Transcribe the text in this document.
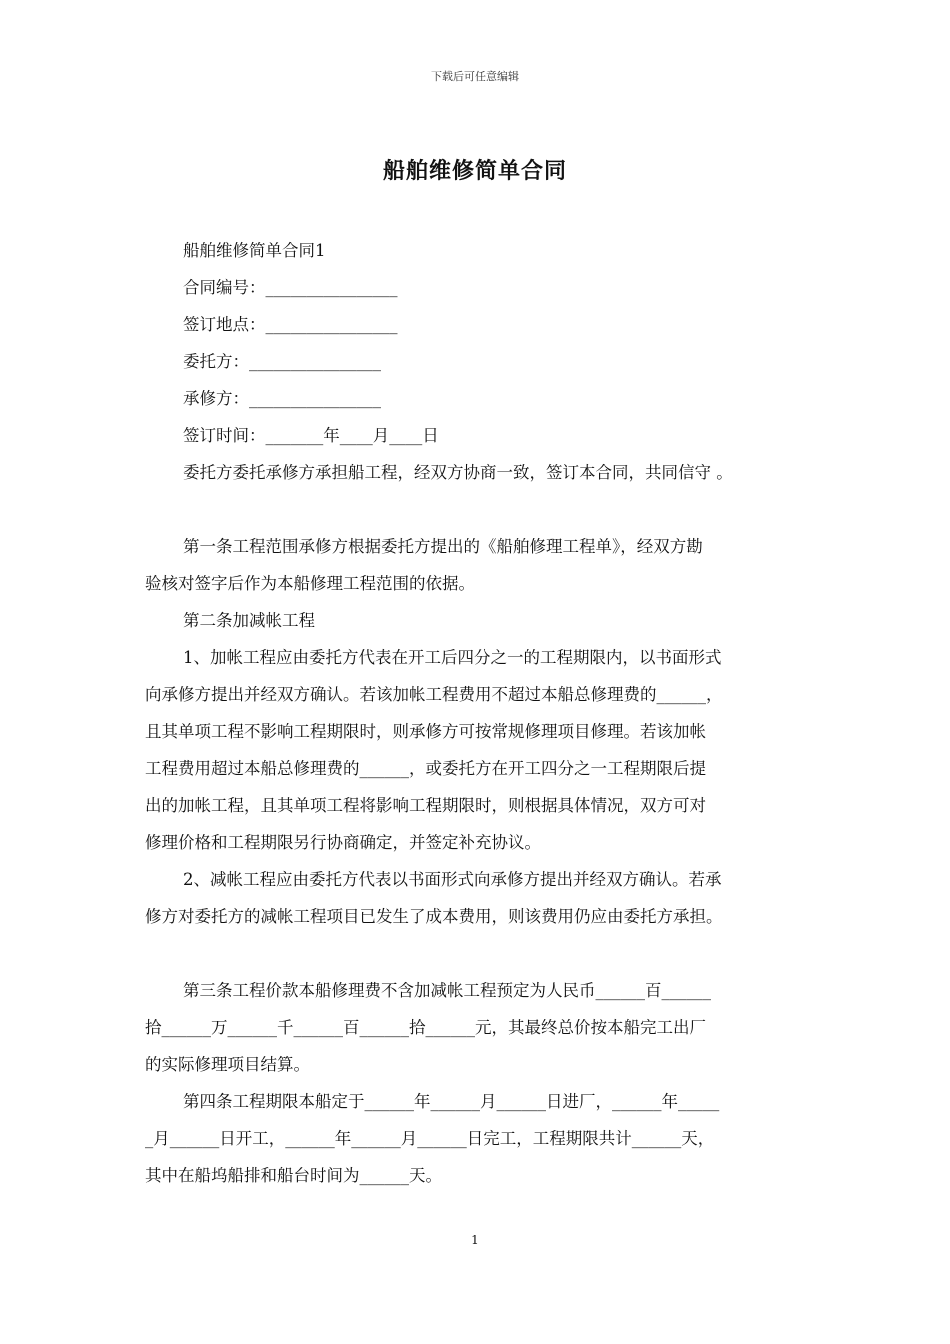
下载后可任意编辑
船舶维修简单合同
船舶维修简单合同1
合同编号：________________
签订地点：________________
委托方：________________
承修方：________________
签订时间：_______年____月____日
委托方委托承修方承担船工程，经双方协商一致，签订本合同，共同信守 。
第一条工程范围承修方根据委托方提出的《船舶修理工程单》，经双方勘
验核对签字后作为本船修理工程范围的依据。
第二条加减帐工程
1、加帐工程应由委托方代表在开工后四分之一的工程期限内，以书面形式
向承修方提出并经双方确认。若该加帐工程费用不超过本船总修理费的______，
且其单项工程不影响工程期限时，则承修方可按常规修理项目修理。若该加帐
工程费用超过本船总修理费的______，或委托方在开工四分之一工程期限后提
出的加帐工程，且其单项工程将影响工程期限时，则根据具体情况，双方可对
修理价格和工程期限另行协商确定，并签定补充协议。
2、减帐工程应由委托方代表以书面形式向承修方提出并经双方确认。若承
修方对委托方的减帐工程项目已发生了成本费用，则该费用仍应由委托方承担。
第三条工程价款本船修理费不含加减帐工程预定为人民币______百______
拾______万______千______百______拾______元，其最终总价按本船完工出厂
的实际修理项目结算。
第四条工程期限本船定于______年______月______日进厂，______年_____
_月______日开工，______年______月______日完工，工程期限共计______天，
其中在船坞船排和船台时间为______天。
1
